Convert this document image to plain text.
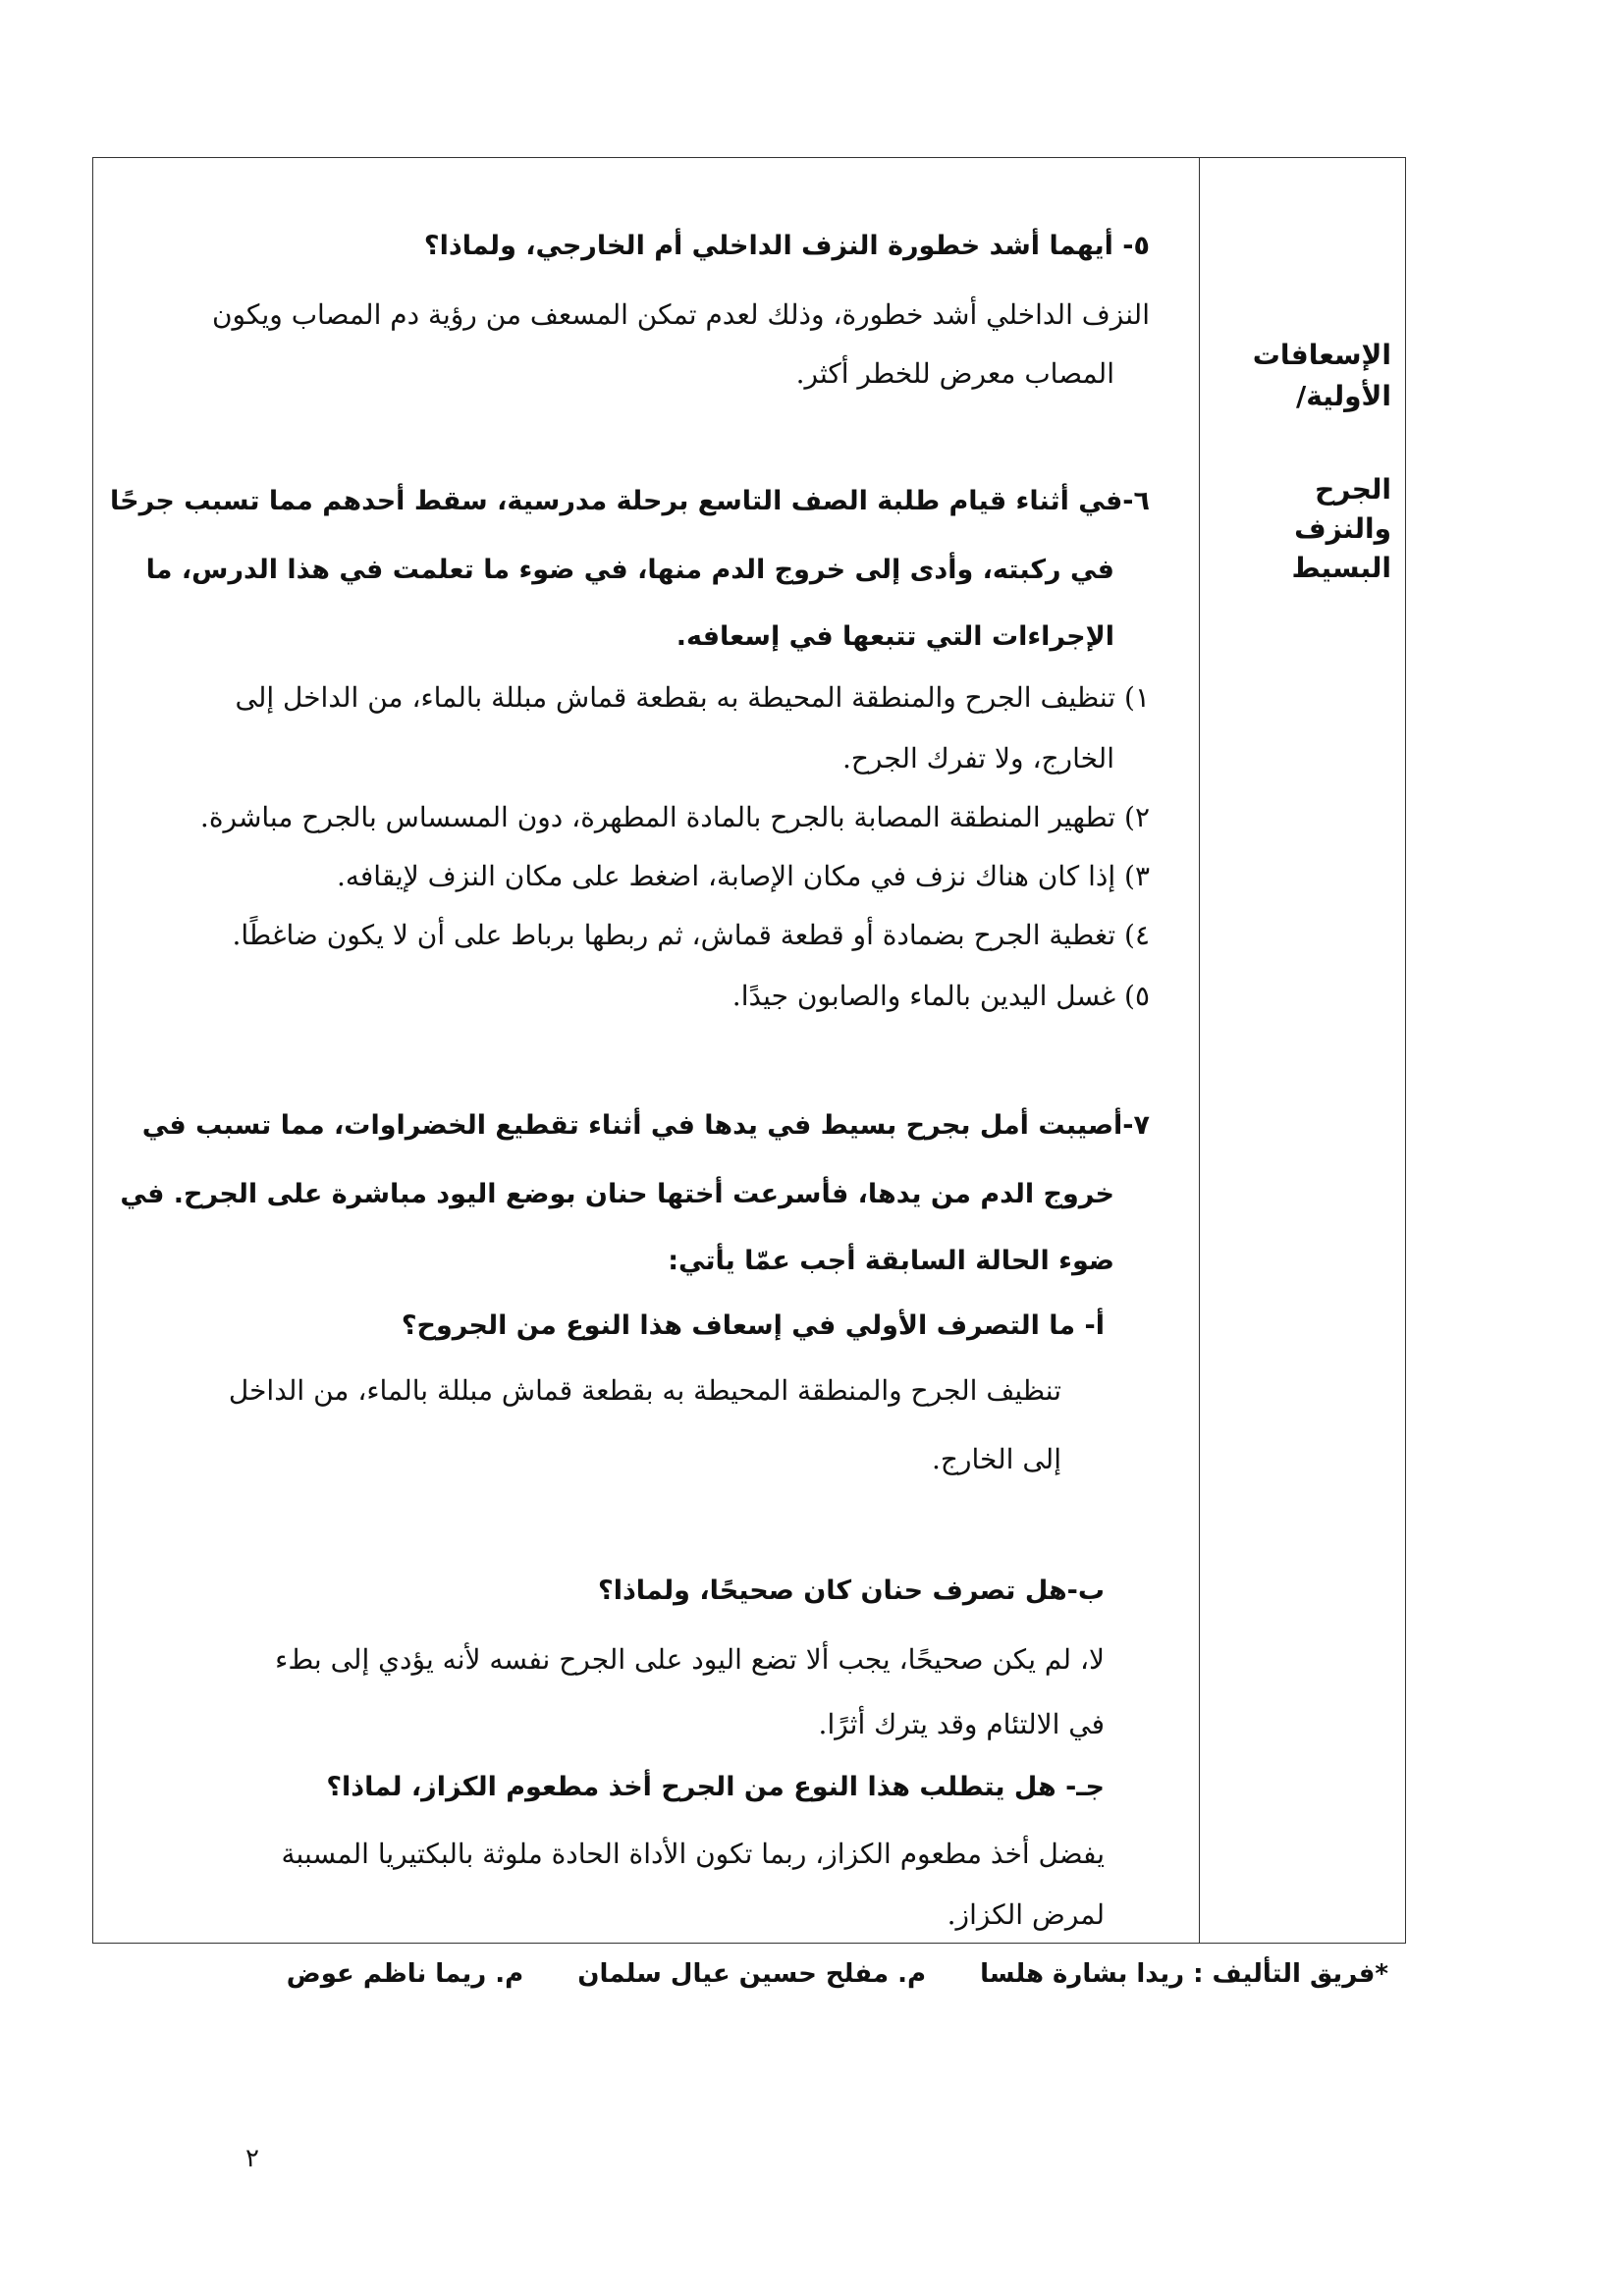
الإسعافات الأولية/
الجرح والنزف البسيط
٥- أيهما أشد خطورة النزف الداخلي أم الخارجي، ولماذا؟
النزف الداخلي أشد خطورة، وذلك لعدم تمكن المسعف من رؤية دم المصاب ويكون
المصاب معرض للخطر أكثر.
٦-في أثناء قيام طلبة الصف التاسع برحلة مدرسية، سقط أحدهم مما تسبب جرحًا
في ركبته، وأدى إلى خروج الدم منها، في ضوء ما تعلمت في هذا الدرس، ما
الإجراءات التي تتبعها في إسعافه.
١) تنظيف الجرح والمنطقة المحيطة به بقطعة قماش مبللة بالماء، من الداخل إلى
الخارج، ولا تفرك الجرح.
٢) تطهير المنطقة المصابة بالجرح بالمادة المطهرة، دون المسساس بالجرح مباشرة.
٣) إذا كان هناك نزف في مكان الإصابة، اضغط على مكان النزف لإيقافه.
٤) تغطية الجرح بضمادة أو قطعة قماش، ثم ربطها برباط على أن لا يكون ضاغطًا.
٥) غسل اليدين بالماء والصابون جيدًا.
٧-أصيبت أمل بجرح بسيط في يدها في أثناء تقطيع الخضراوات، مما تسبب في
خروج الدم من يدها، فأسرعت أختها حنان بوضع اليود مباشرة على الجرح. في
ضوء الحالة السابقة أجب عمّا يأتي:
أ- ما التصرف الأولي في إسعاف هذا النوع من الجروح؟
تنظيف الجرح والمنطقة المحيطة به بقطعة قماش مبللة بالماء، من الداخل
إلى الخارج.
ب-هل تصرف حنان كان صحيحًا، ولماذا؟
لا، لم يكن صحيحًا، يجب ألا تضع اليود على الجرح نفسه لأنه يؤدي إلى بطء
في الالتئام وقد يترك أثرًا.
جـ- هل يتطلب هذا النوع من الجرح أخذ مطعوم الكزاز، لماذا؟
يفضل أخذ مطعوم الكزاز، ربما تكون الأداة الحادة ملوثة بالبكتيريا المسببة
لمرض الكزاز.
*فريق التأليف : ريدا بشارة هلسا م. مفلح حسين عيال سلمان م. ريما ناظم عوض
٢
